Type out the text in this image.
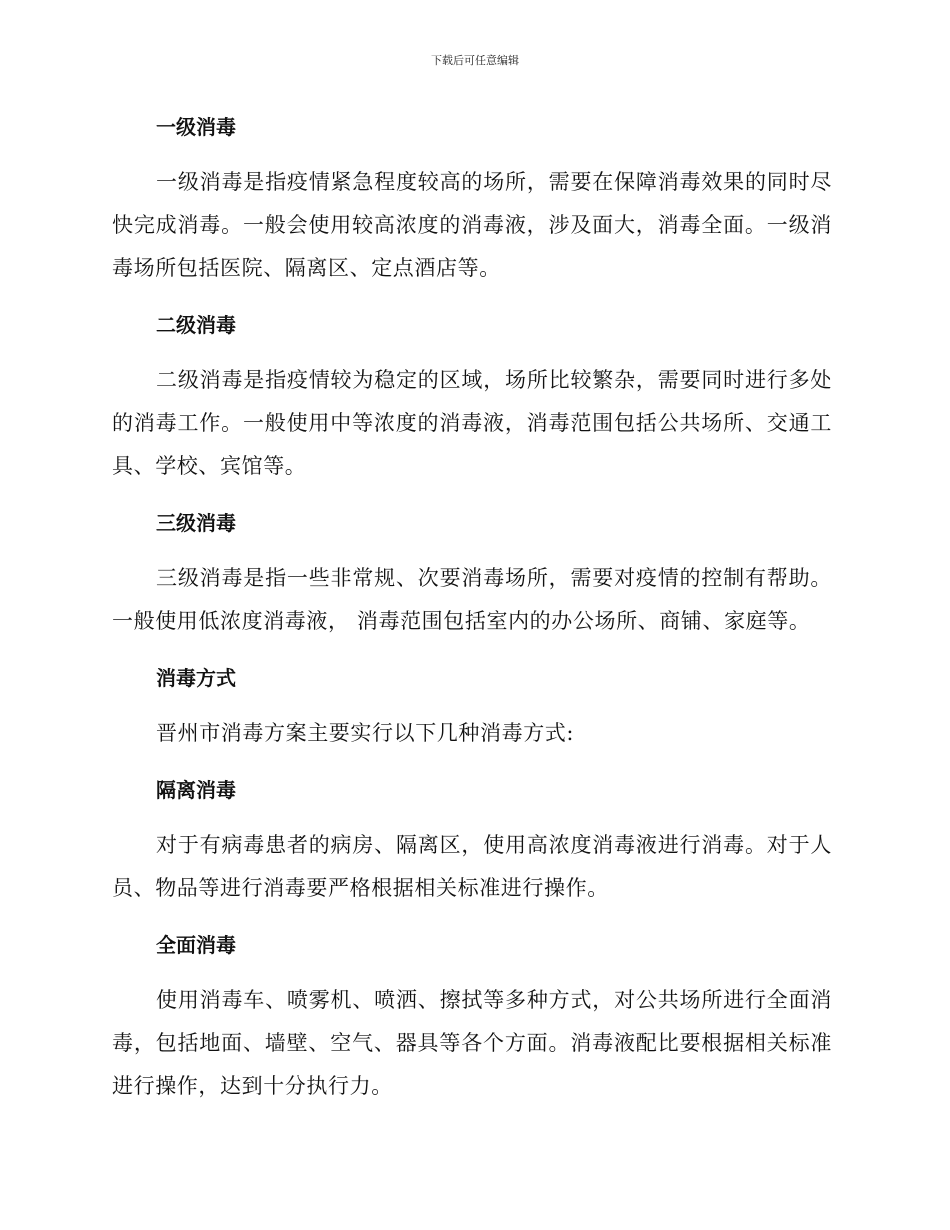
下载后可任意编辑

一级消毒

一级消毒是指疫情紧急程度较高的场所，需要在保障消毒效果的同时尽快完成消毒。一般会使用较高浓度的消毒液，涉及面大，消毒全面。一级消毒场所包括医院、隔离区、定点酒店等。

二级消毒

二级消毒是指疫情较为稳定的区域，场所比较繁杂，需要同时进行多处的消毒工作。一般使用中等浓度的消毒液，消毒范围包括公共场所、交通工具、学校、宾馆等。

三级消毒

三级消毒是指一些非常规、次要消毒场所，需要对疫情的控制有帮助。一般使用低浓度消毒液， 消毒范围包括室内的办公场所、商铺、家庭等。

消毒方式

晋州市消毒方案主要实行以下几种消毒方式:

隔离消毒

对于有病毒患者的病房、隔离区，使用高浓度消毒液进行消毒。对于人员、物品等进行消毒要严格根据相关标准进行操作。

全面消毒

使用消毒车、喷雾机、喷洒、擦拭等多种方式，对公共场所进行全面消毒，包括地面、墙壁、空气、器具等各个方面。消毒液配比要根据相关标准进行操作，达到十分执行力。
